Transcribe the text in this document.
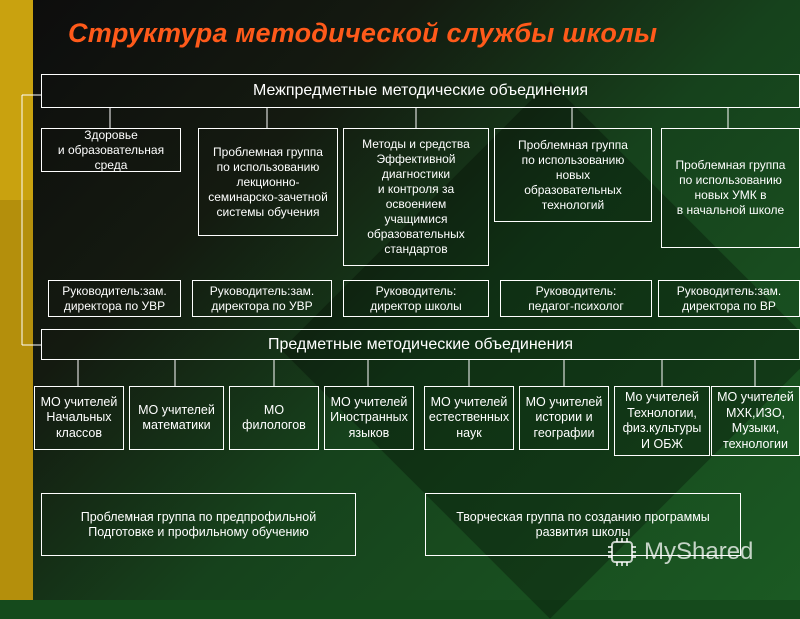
Структура методической службы школы
Межпредметные методические объединения
Здоровье
и образовательная
среда
Проблемная группа
по использованию
лекционно-
семинарско-зачетной
системы обучения
Методы и средства
Эффективной
диагностики
и контроля за
освоением
учащимися
образовательных
стандартов
Проблемная группа
по использованию
новых
образовательных
технологий
Проблемная группа
по использованию
новых УМК в
в начальной школе
Руководитель:зам.
директора по УВР
Руководитель:зам.
директора по УВР
Руководитель:
директор школы
Руководитель:
педагог-психолог
Руководитель:зам.
директора по ВР
Предметные методические объединения
МО учителей
Начальных
классов
МО учителей
математики
МО
филологов
МО учителей
Иностранных
языков
МО учителей
естественных
наук
МО учителей
истории и
географии
Мо учителей
Технологии,
физ.культуры
И ОБЖ
МО учителей
МХК,ИЗО,
Музыки,
технологии
Проблемная группа по предпрофильной
Подготовке и профильному обучению
Творческая группа по созданию программы
развития школы
MyShared
